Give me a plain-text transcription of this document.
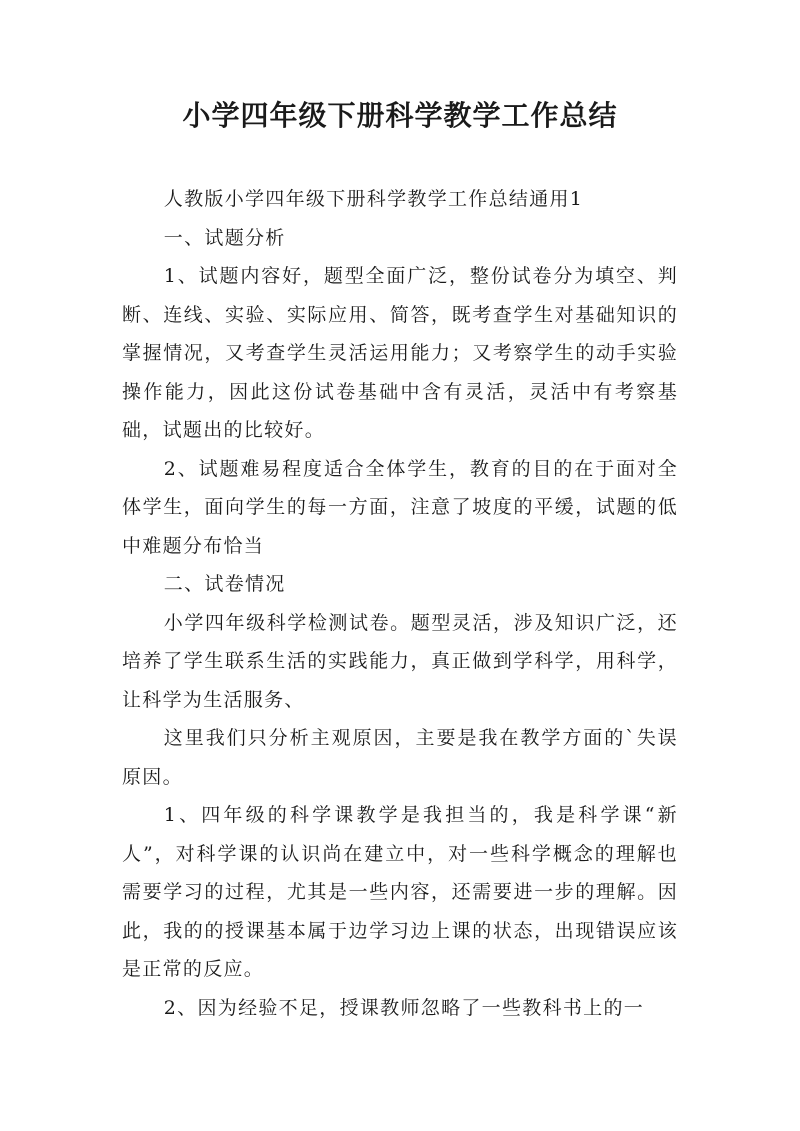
小学四年级下册科学教学工作总结

人教版小学四年级下册科学教学工作总结通用1

一、试题分析

1、试题内容好，题型全面广泛，整份试卷分为填空、判断、连线、实验、实际应用、简答，既考查学生对基础知识的掌握情况，又考查学生灵活运用能力；又考察学生的动手实验操作能力，因此这份试卷基础中含有灵活，灵活中有考察基础，试题出的比较好。

2、试题难易程度适合全体学生，教育的目的在于面对全体学生，面向学生的每一方面，注意了坡度的平缓，试题的低中难题分布恰当

二、试卷情况

小学四年级科学检测试卷。题型灵活，涉及知识广泛，还培养了学生联系生活的实践能力，真正做到学科学，用科学，让科学为生活服务、

这里我们只分析主观原因，主要是我在教学方面的`失误原因。

1、四年级的科学课教学是我担当的，我是科学课“新人”，对科学课的认识尚在建立中，对一些科学概念的理解也需要学习的过程，尤其是一些内容，还需要进一步的理解。因此，我的的授课基本属于边学习边上课的状态，出现错误应该是正常的反应。

2、因为经验不足，授课教师忽略了一些教科书上的一
